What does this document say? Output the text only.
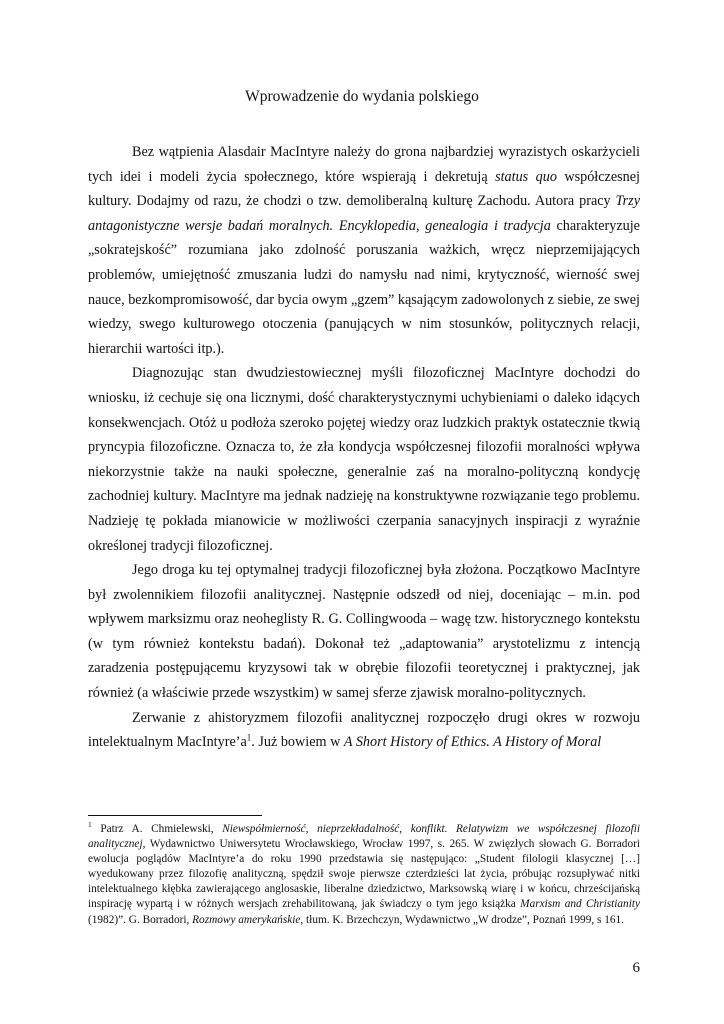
Wprowadzenie do wydania polskiego

Bez wątpienia Alasdair MacIntyre należy do grona najbardziej wyrazistych oskarżycieli tych idei i modeli życia społecznego, które wspierają i dekretują status quo współczesnej kultury. Dodajmy od razu, że chodzi o tzw. demoliberalną kulturę Zachodu. Autora pracy Trzy antagonistyczne wersje badań moralnych. Encyklopedia, genealogia i tradycja charakteryzuje „sokratejskość” rozumiana jako zdolność poruszania ważkich, wręcz nieprzemijających problemów, umiejętność zmuszania ludzi do namysłu nad nimi, krytyczność, wierność swej nauce, bezkompromisowość, dar bycia owym „gzem” kąsającym zadowolonych z siebie, ze swej wiedzy, swego kulturowego otoczenia (panujących w nim stosunków, politycznych relacji, hierarchii wartości itp.).

Diagnozując stan dwudziestowiecznej myśli filozoficznej MacIntyre dochodzi do wniosku, iż cechuje się ona licznymi, dość charakterystycznymi uchybieniami o daleko idących konsekwencjach. Otóż u podłoża szeroko pojętej wiedzy oraz ludzkich praktyk ostatecznie tkwią pryncypia filozoficzne. Oznacza to, że zła kondycja współczesnej filozofii moralności wpływa niekorzystnie także na nauki społeczne, generalnie zaś na moralno-polityczną kondycję zachodniej kultury. MacIntyre ma jednak nadzieję na konstruktywne rozwiązanie tego problemu. Nadzieję tę pokłada mianowicie w możliwości czerpania sanacyjnych inspiracji z wyraźnie określonej tradycji filozoficznej.

Jego droga ku tej optymalnej tradycji filozoficznej była złożona. Początkowo MacIntyre był zwolennikiem filozofii analitycznej. Następnie odszedł od niej, doceniając – m.in. pod wpływem marksizmu oraz neoheglisty R. G. Collingwooda – wagę tzw. historycznego kontekstu (w tym również kontekstu badań). Dokonał też „adaptowania” arystotelizmu z intencją zaradzenia postępującemu kryzysowi tak w obrębie filozofii teoretycznej i praktycznej, jak również (a właściwie przede wszystkim) w samej sferze zjawisk moralno-politycznych.

Zerwanie z ahistoryzmem filozofii analitycznej rozpoczęło drugi okres w rozwoju intelektualnym $MacIntyre’a^1$. Już bowiem w A Short History of Ethics. A History of Moral

$^1$ Patrz A. Chmielewski, Niewspółmierność, nieprzekładalność, konflikt. Relatywizm we współczesnej filozofii analitycznej, Wydawnictwo Uniwersytetu Wrocławskiego, Wrocław 1997, s. 265. W zwięzłych słowach G. Borradori ewolucja poglądów MacIntyre’a do roku 1990 przedstawia się następująco: „Student filologii klasycznej […] wyedukowany przez filozofię analityczną, spędził swoje pierwsze czterdzieści lat życia, próbując rozsupływać nitki intelektualnego kłębka zawierającego anglosaskie, liberalne dziedzictwo, Marksowską wiarę i w końcu, chrześcijańską inspirację wypartą i w różnych wersjach zrehabilitowaną, jak świadczy o tym jego książka Marxism and Christianity (1982)”. G. Borradori, Rozmowy amerykańskie, tłum. K. Brzechczyn, Wydawnictwo „W drodze”, Poznań 1999, s 161.
6
